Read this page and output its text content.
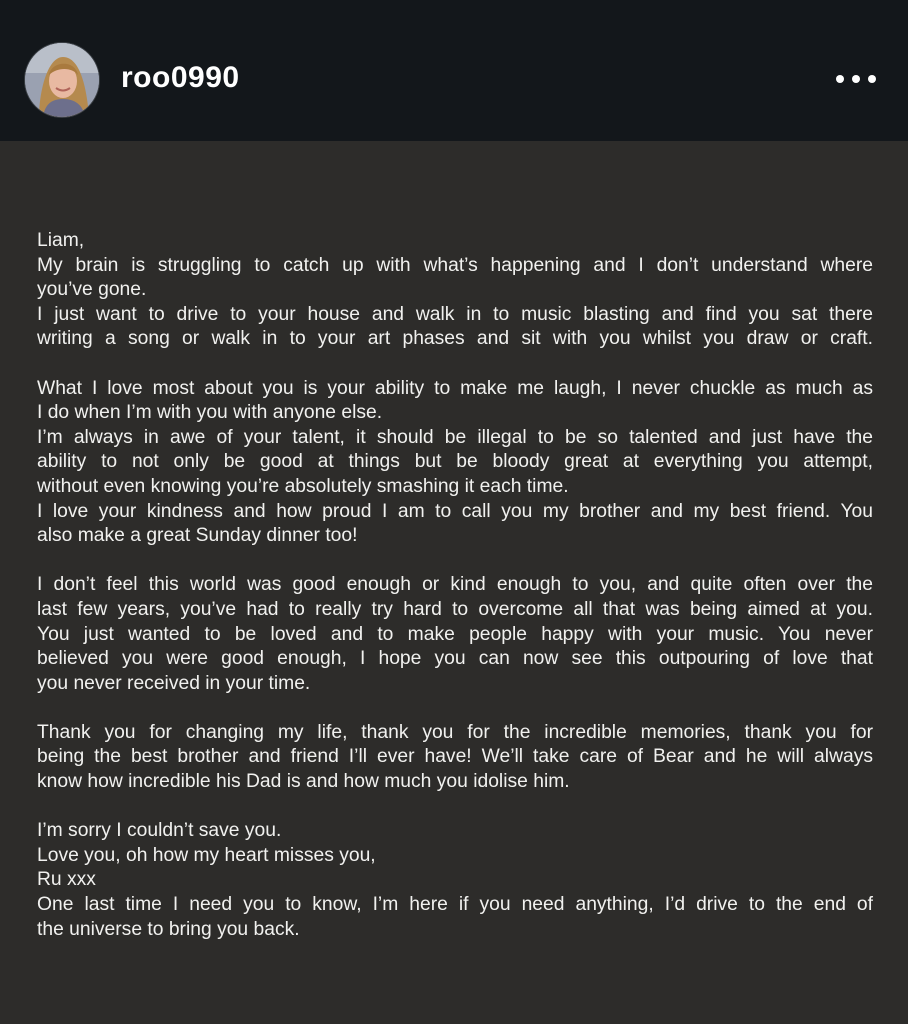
roo0990
Liam,
My brain is struggling to catch up with what’s happening and I don’t understand where
you’ve gone.
I just want to drive to your house and walk in to music blasting and find you sat there
writing a song or walk in to your art phases and sit with you whilst you draw or craft.
What I love most about you is your ability to make me laugh, I never chuckle as much as
I do when I’m with you with anyone else.
I’m always in awe of your talent, it should be illegal to be so talented and just have the
ability to not only be good at things but be bloody great at everything you attempt,
without even knowing you’re absolutely smashing it each time.
I love your kindness and how proud I am to call you my brother and my best friend. You
also make a great Sunday dinner too!
I don’t feel this world was good enough or kind enough to you, and quite often over the
last few years, you’ve had to really try hard to overcome all that was being aimed at you.
You just wanted to be loved and to make people happy with your music. You never
believed you were good enough, I hope you can now see this outpouring of love that
you never received in your time.
Thank you for changing my life, thank you for the incredible memories, thank you for
being the best brother and friend I’ll ever have! We’ll take care of Bear and he will always
know how incredible his Dad is and how much you idolise him.
I’m sorry I couldn’t save you.
Love you, oh how my heart misses you,
Ru xxx
One last time I need you to know, I’m here if you need anything, I’d drive to the end of
the universe to bring you back.
